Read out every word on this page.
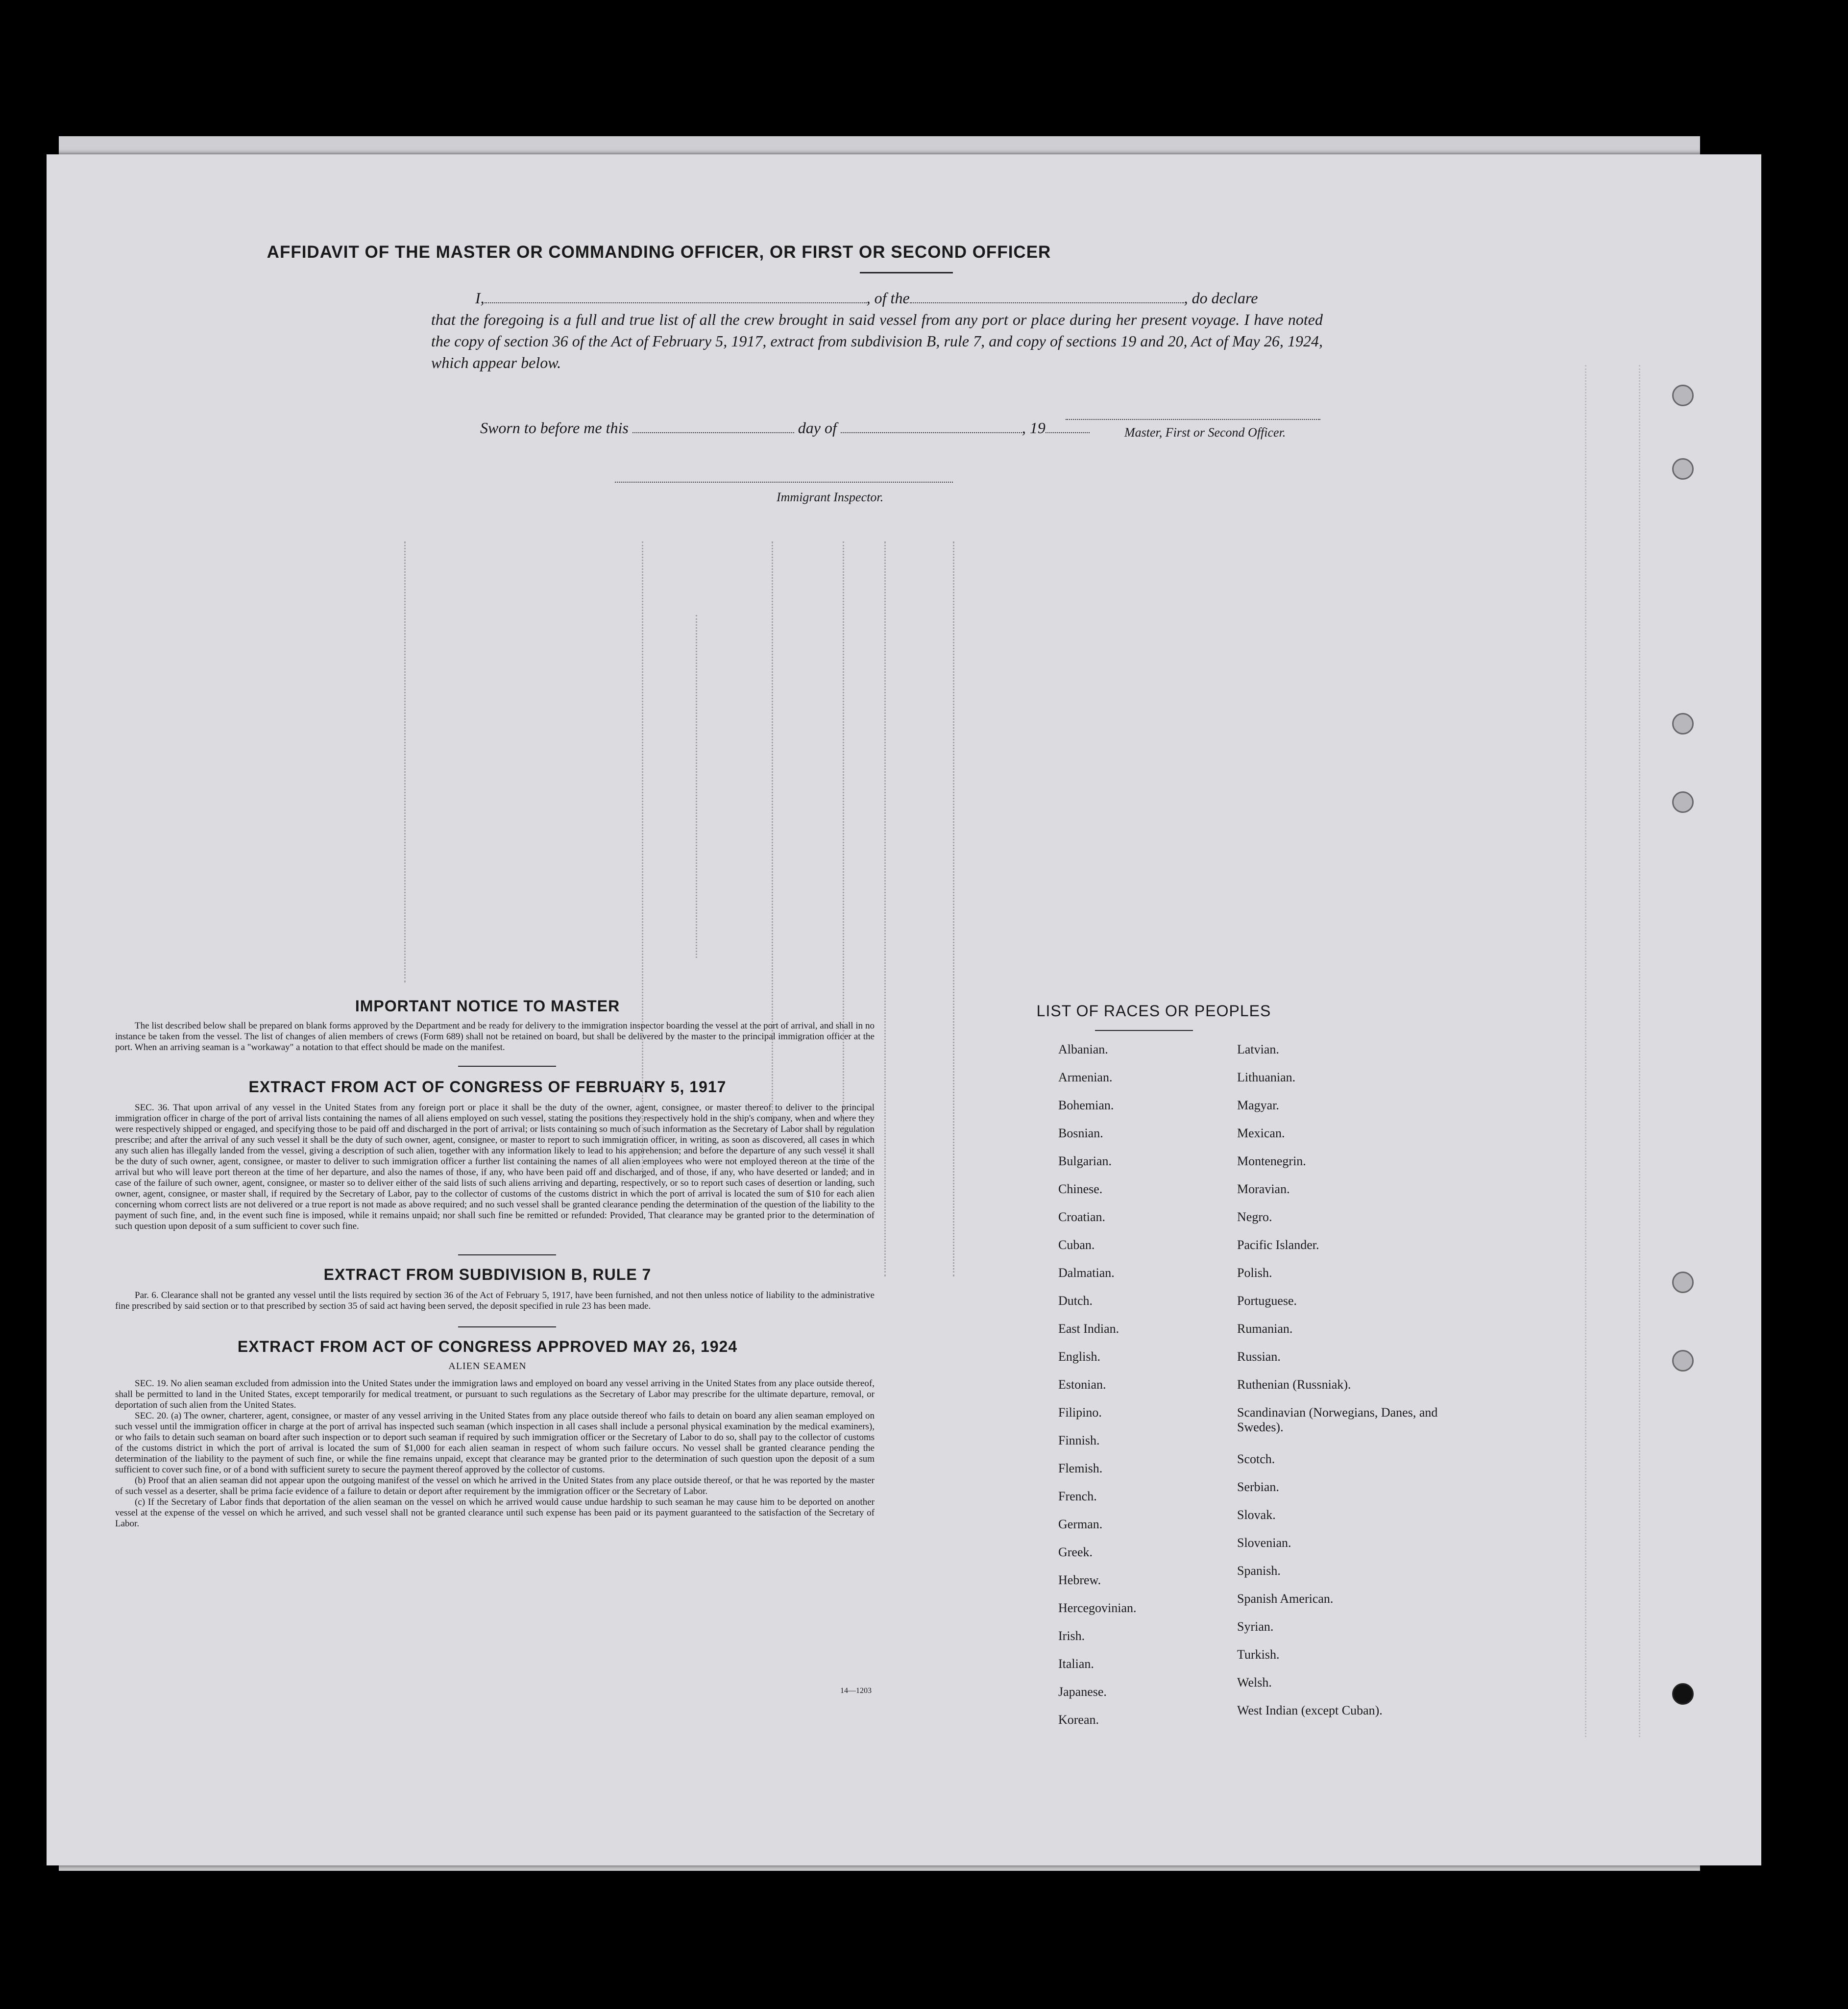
AFFIDAVIT OF THE MASTER OR COMMANDING OFFICER, OR FIRST OR SECOND OFFICER
I,	, of the	, do declare
that the foregoing is a full and true list of all the crew brought in said vessel from any port or place during her present voyage. I have noted the copy of section 36 of the Act of February 5, 1917, extract from subdivision B, rule 7, and copy of sections 19 and 20, Act of May 26, 1924, which appear below.
Master, First or Second Officer.
Sworn to before me this	day of	, 19
Immigrant Inspector.
IMPORTANT NOTICE TO MASTER

The list described below shall be prepared on blank forms approved by the Department and be ready for delivery to the immigration inspector boarding the vessel at the port of arrival, and shall in no instance be taken from the vessel. The list of changes of alien members of crews (Form 689) shall not be retained on board, but shall be delivered by the master to the principal immigration officer at the port. When an arriving seaman is a "workaway" a notation to that effect should be made on the manifest.

EXTRACT FROM ACT OF CONGRESS OF FEBRUARY 5, 1917

SEC. 36. That upon arrival of any vessel in the United States from any foreign port or place it shall be the duty of the owner, agent, consignee, or master thereof to deliver to the principal immigration officer in charge of the port of arrival lists containing the names of all aliens employed on such vessel, stating the positions they respectively hold in the ship's company, when and where they were respectively shipped or engaged, and specifying those to be paid off and discharged in the port of arrival; or lists containing so much of such information as the Secretary of Labor shall by regulation prescribe; and after the arrival of any such vessel it shall be the duty of such owner, agent, consignee, or master to report to such immigration officer, in writing, as soon as discovered, all cases in which any such alien has illegally landed from the vessel, giving a description of such alien, together with any information likely to lead to his apprehension; and before the departure of any such vessel it shall be the duty of such owner, agent, consignee, or master to deliver to such immigration officer a further list containing the names of all alien employees who were not employed thereon at the time of the arrival but who will leave port thereon at the time of her departure, and also the names of those, if any, who have been paid off and discharged, and of those, if any, who have deserted or landed; and in case of the failure of such owner, agent, consignee, or master so to deliver either of the said lists of such aliens arriving and departing, respectively, or so to report such cases of desertion or landing, such owner, agent, consignee, or master shall, if required by the Secretary of Labor, pay to the collector of customs of the customs district in which the port of arrival is located the sum of $10 for each alien concerning whom correct lists are not delivered or a true report is not made as above required; and no such vessel shall be granted clearance pending the determination of the question of the liability to the payment of such fine, and, in the event such fine is imposed, while it remains unpaid; nor shall such fine be remitted or refunded: Provided, That clearance may be granted prior to the determination of such question upon deposit of a sum sufficient to cover such fine.

EXTRACT FROM SUBDIVISION B, RULE 7

Par. 6. Clearance shall not be granted any vessel until the lists required by section 36 of the Act of February 5, 1917, have been furnished, and not then unless notice of liability to the administrative fine prescribed by said section or to that prescribed by section 35 of said act having been served, the deposit specified in rule 23 has been made.

EXTRACT FROM ACT OF CONGRESS APPROVED MAY 26, 1924
ALIEN SEAMEN

SEC. 19. No alien seaman excluded from admission into the United States under the immigration laws and employed on board any vessel arriving in the United States from any place outside thereof, shall be permitted to land in the United States, except temporarily for medical treatment, or pursuant to such regulations as the Secretary of Labor may prescribe for the ultimate departure, removal, or deportation of such alien from the United States.

SEC. 20. (a) The owner, charterer, agent, consignee, or master of any vessel arriving in the United States from any place outside thereof who fails to detain on board any alien seaman employed on such vessel until the immigration officer in charge at the port of arrival has inspected such seaman (which inspection in all cases shall include a personal physical examination by the medical examiners), or who fails to detain such seaman on board after such inspection or to deport such seaman if required by such immigration officer or the Secretary of Labor to do so, shall pay to the collector of customs of the customs district in which the port of arrival is located the sum of $1,000 for each alien seaman in respect of whom such failure occurs. No vessel shall be granted clearance pending the determination of the liability to the payment of such fine, or while the fine remains unpaid, except that clearance may be granted prior to the determination of such question upon the deposit of a sum sufficient to cover such fine, or of a bond with sufficient surety to secure the payment thereof approved by the collector of customs.

(b) Proof that an alien seaman did not appear upon the outgoing manifest of the vessel on which he arrived in the United States from any place outside thereof, or that he was reported by the master of such vessel as a deserter, shall be prima facie evidence of a failure to detain or deport after requirement by the immigration officer or the Secretary of Labor.

(c) If the Secretary of Labor finds that deportation of the alien seaman on the vessel on which he arrived would cause undue hardship to such seaman he may cause him to be deported on another vessel at the expense of the vessel on which he arrived, and such vessel shall not be granted clearance until such expense has been paid or its payment guaranteed to the satisfaction of the Secretary of Labor.

14—1203
LIST OF RACES OR PEOPLES
Albanian.
Armenian.
Bohemian.
Bosnian.
Bulgarian.
Chinese.
Croatian.
Cuban.
Dalmatian.
Dutch.
East Indian.
English.
Estonian.
Filipino.
Finnish.
Flemish.
French.
German.
Greek.
Hebrew.
Hercegovinian.
Irish.
Italian.
Japanese.
Korean.
Latvian.
Lithuanian.
Magyar.
Mexican.
Montenegrin.
Moravian.
Negro.
Pacific Islander.
Polish.
Portuguese.
Rumanian.
Russian.
Ruthenian (Russniak).
Scandinavian (Norwegians, Danes, and Swedes).
Scotch.
Serbian.
Slovak.
Slovenian.
Spanish.
Spanish American.
Syrian.
Turkish.
Welsh.
West Indian (except Cuban).
